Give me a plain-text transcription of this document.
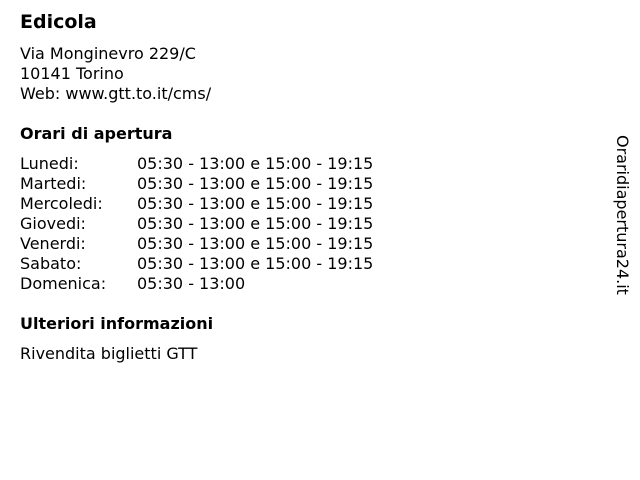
Edicola
Via Monginevro 229/C
10141 Torino
Web: www.gtt.to.it/cms/
Orari di apertura
Lunedi:	05:30 - 13:00 e 15:00 - 19:15
Martedi:	05:30 - 13:00 e 15:00 - 19:15
Mercoledi:	05:30 - 13:00 e 15:00 - 19:15
Giovedi:	05:30 - 13:00 e 15:00 - 19:15
Venerdi:	05:30 - 13:00 e 15:00 - 19:15
Sabato:	05:30 - 13:00 e 15:00 - 19:15
Domenica:	05:30 - 13:00
Ulteriori informazioni
Rivendita biglietti GTT
Oraridiapertura24.it
